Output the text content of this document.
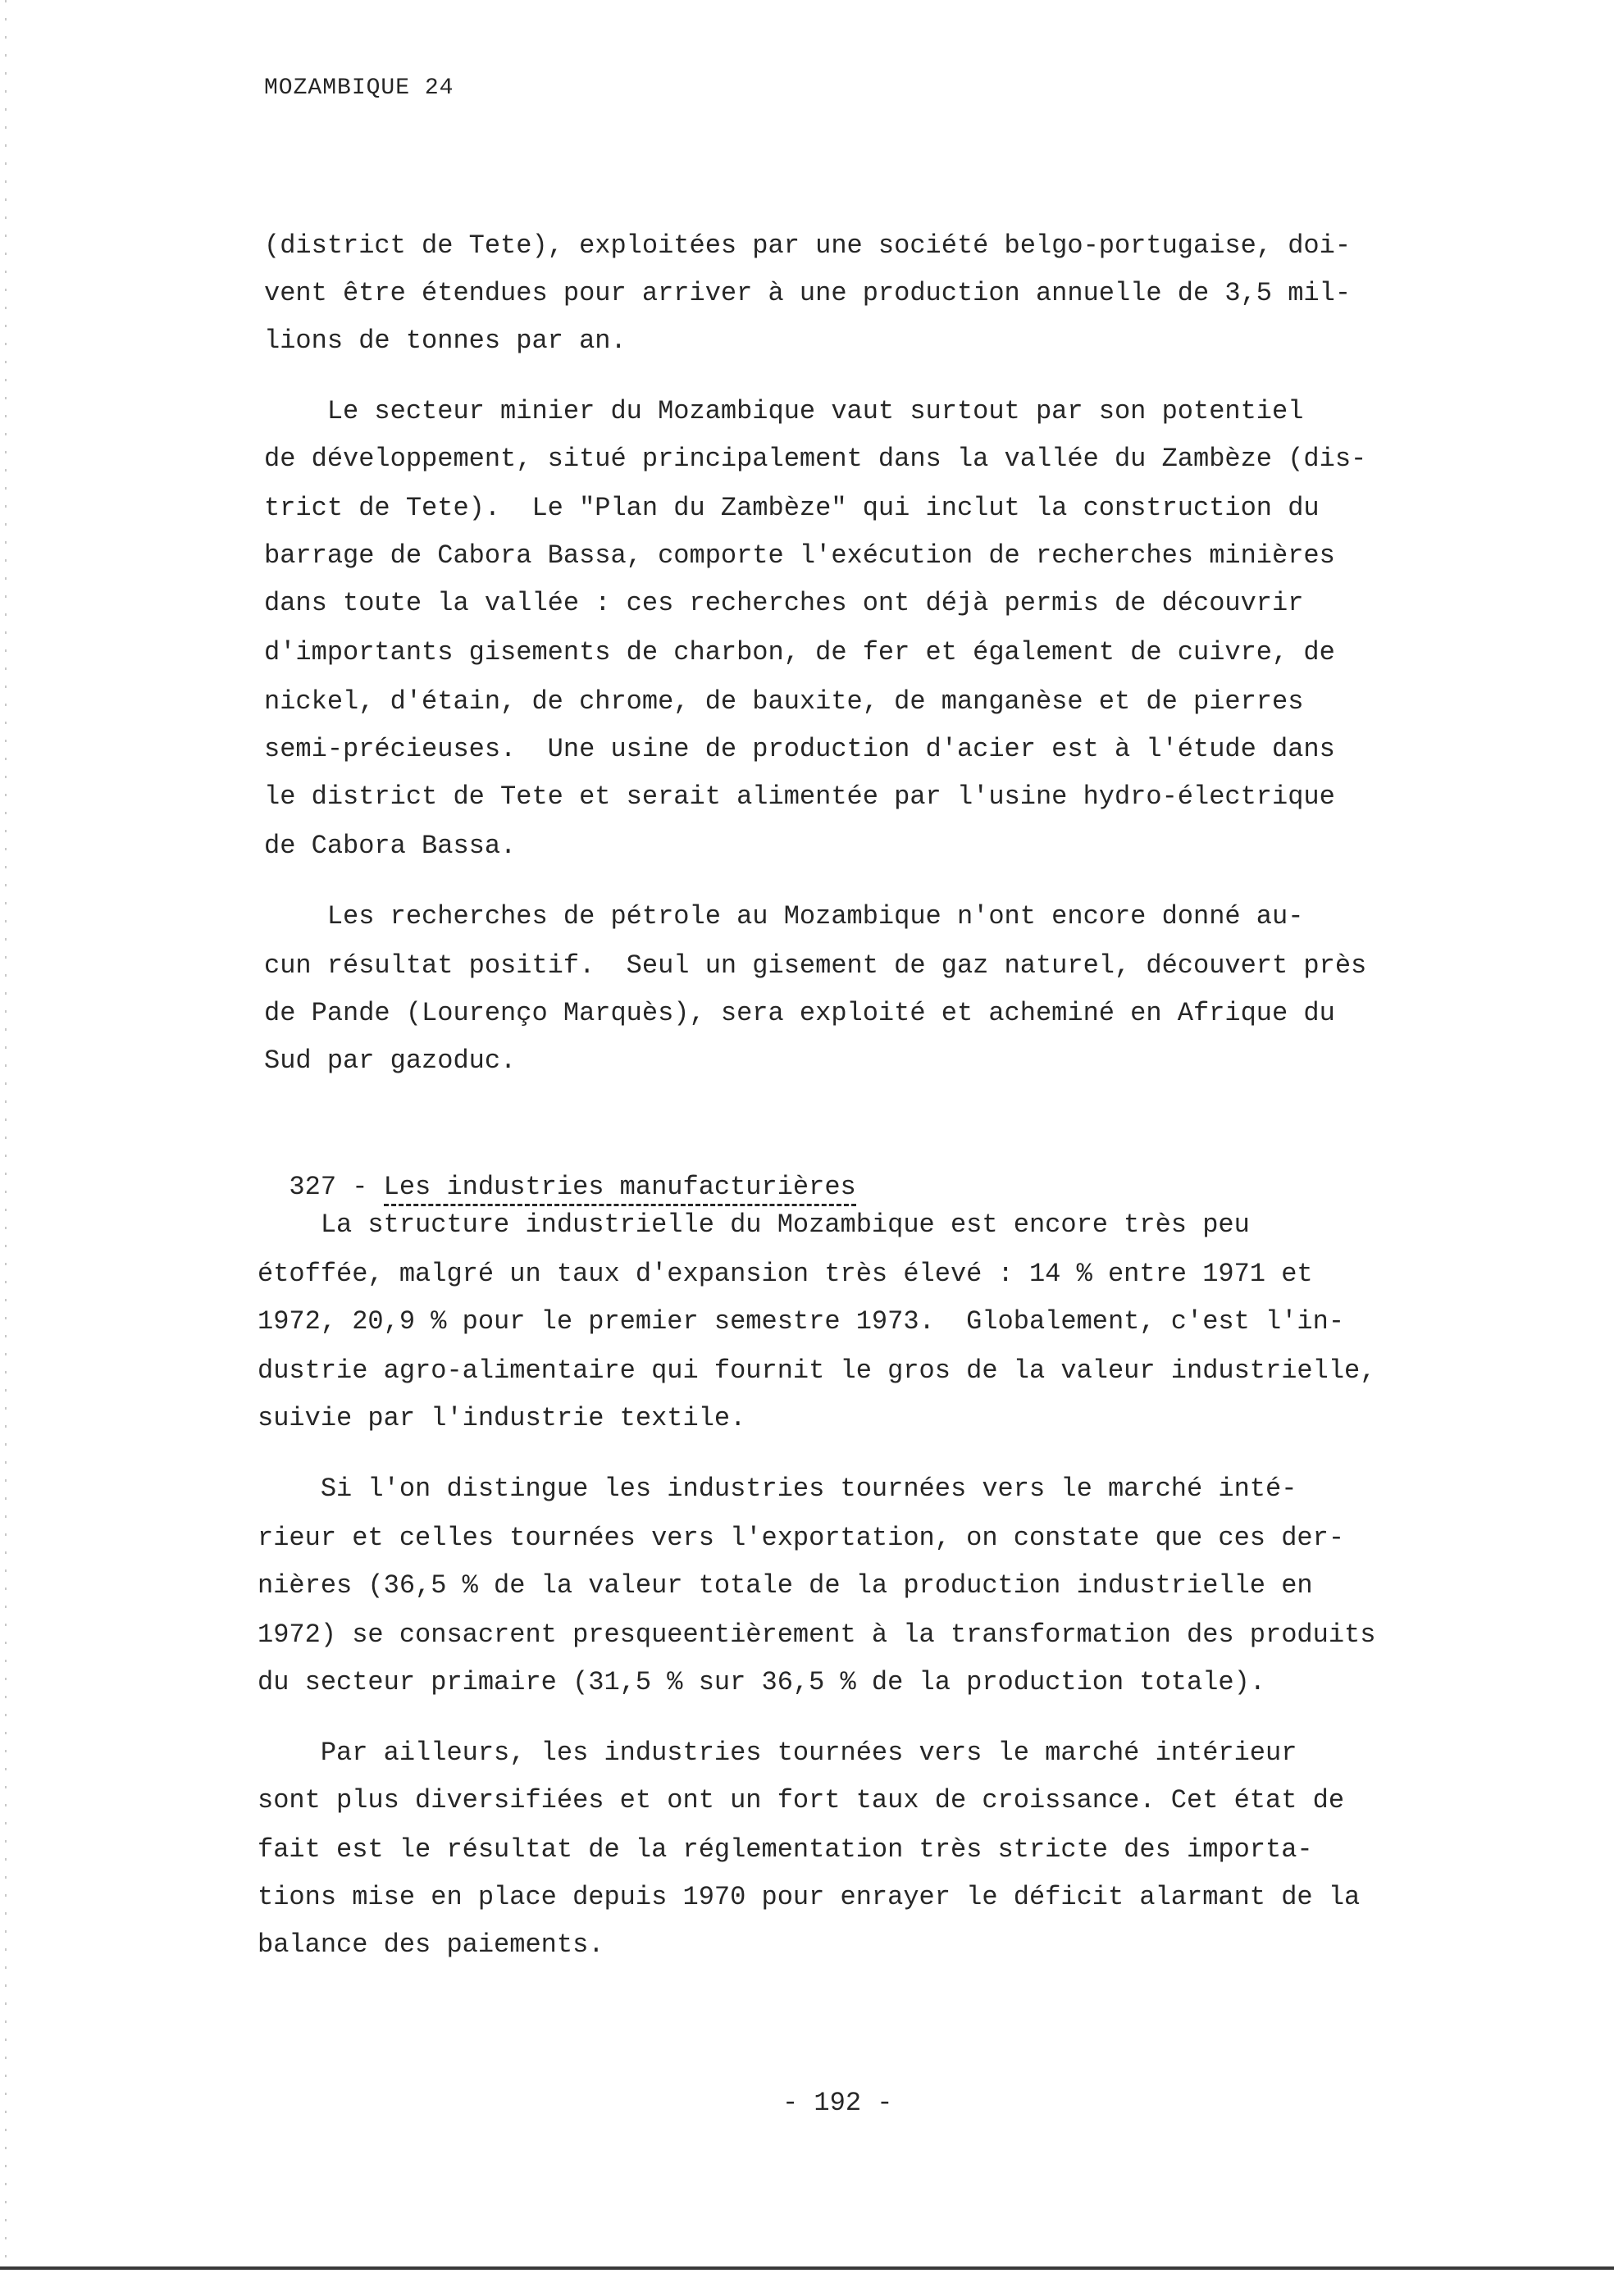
MOZAMBIQUE 24
(district de Tete), exploitées par une société belgo-portugaise, doi-
vent être étendues pour arriver à une production annuelle de 3,5 mil-
lions de tonnes par an.
Le secteur minier du Mozambique vaut surtout par son potentiel
de développement, situé principalement dans la vallée du Zambèze (dis-
trict de Tete).  Le "Plan du Zambèze" qui inclut la construction du
barrage de Cabora Bassa, comporte l'exécution de recherches minières
dans toute la vallée : ces recherches ont déjà permis de découvrir
d'importants gisements de charbon, de fer et également de cuivre, de
nickel, d'étain, de chrome, de bauxite, de manganèse et de pierres
semi-précieuses.  Une usine de production d'acier est à l'étude dans
le district de Tete et serait alimentée par l'usine hydro-électrique
de Cabora Bassa.
Les recherches de pétrole au Mozambique n'ont encore donné au-
cun résultat positif.  Seul un gisement de gaz naturel, découvert près
de Pande (Lourenço Marquès), sera exploité et acheminé en Afrique du
Sud par gazoduc.

327 - Les industries manufacturières

La structure industrielle du Mozambique est encore très peu
étoffée, malgré un taux d'expansion très élevé : 14 % entre 1971 et
1972, 20,9 % pour le premier semestre 1973.  Globalement, c'est l'in-
dustrie agro-alimentaire qui fournit le gros de la valeur industrielle,
suivie par l'industrie textile.
Si l'on distingue les industries tournées vers le marché inté-
rieur et celles tournées vers l'exportation, on constate que ces der-
nières (36,5 % de la valeur totale de la production industrielle en
1972) se consacrent presqueentièrement à la transformation des produits
du secteur primaire (31,5 % sur 36,5 % de la production totale).
Par ailleurs, les industries tournées vers le marché intérieur
sont plus diversifiées et ont un fort taux de croissance. Cet état de
fait est le résultat de la réglementation très stricte des importa-
tions mise en place depuis 1970 pour enrayer le déficit alarmant de la
balance des paiements.
- 192 -
